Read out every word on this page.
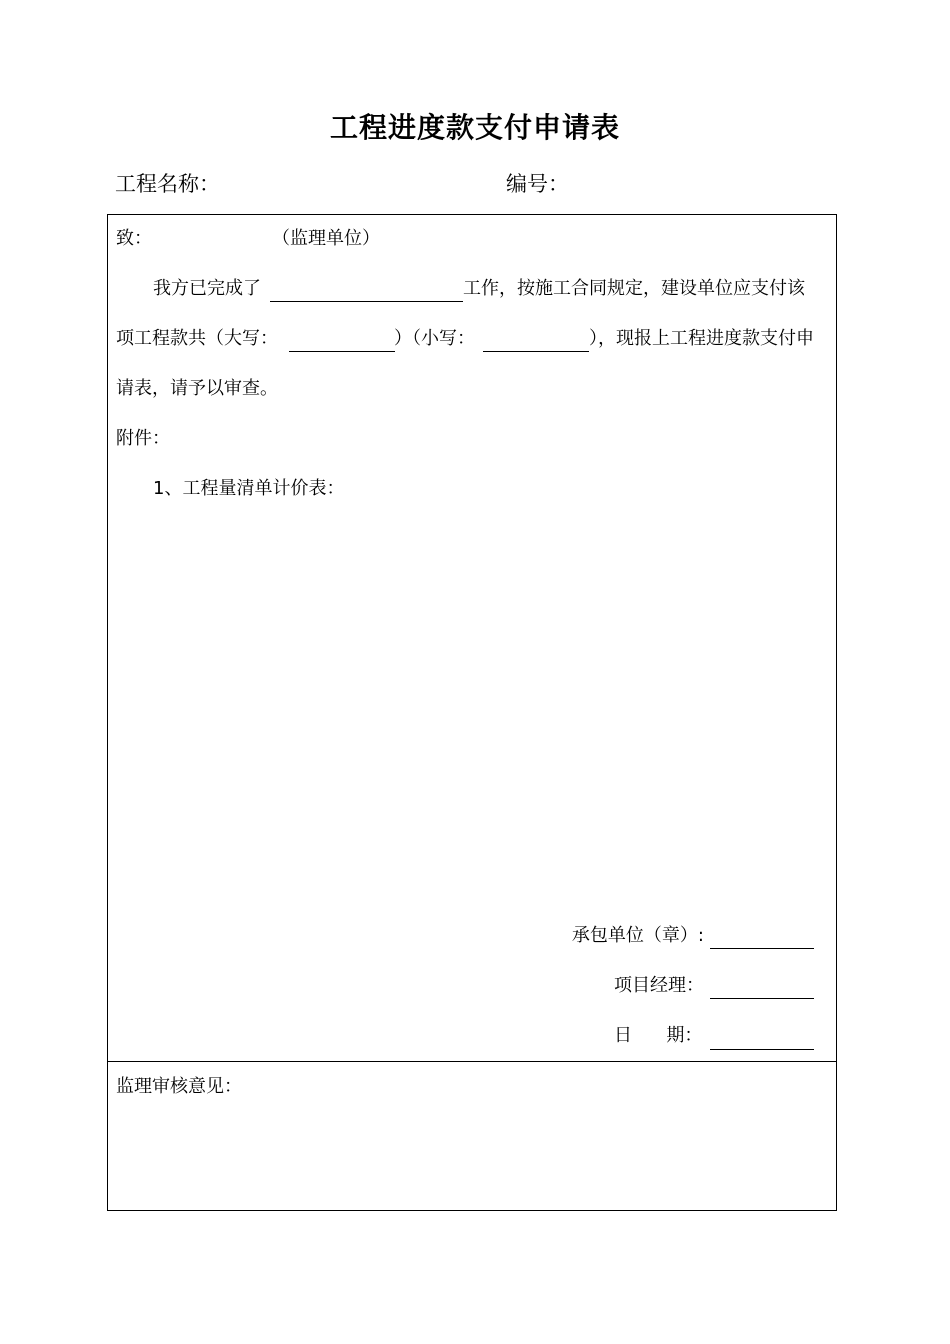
工程进度款支付申请表
工程名称：	编号：
致：	（监理单位）
我方已完成了	工作，按施工合同规定，建设单位应支付该
项工程款共（大写：	）（小写：	），现报上工程进度款支付申
请表，请予以审查。
附件：
1、工程量清单计价表：
承包单位（章）:
项目经理：
日      期：
监理审核意见：
